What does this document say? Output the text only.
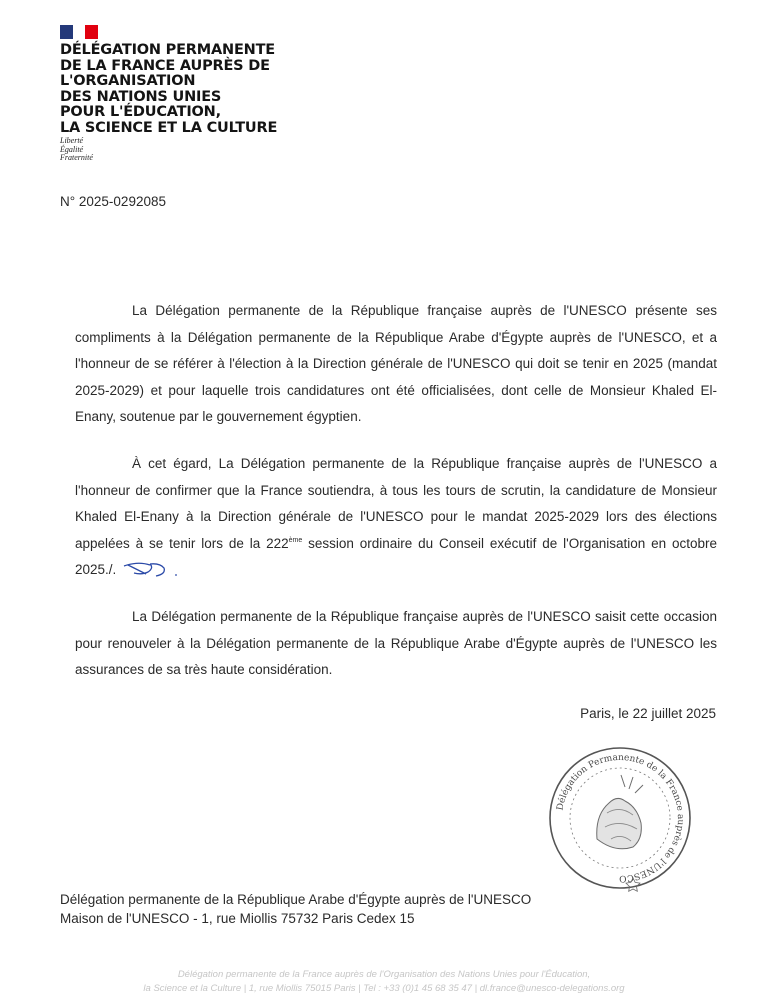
DÉLÉGATION PERMANENTE
DE LA FRANCE AUPRÈS DE
L'ORGANISATION
DES NATIONS UNIES
POUR L'ÉDUCATION,
LA SCIENCE ET LA CULTURE
Liberté
Égalité
Fraternité
N° 2025-0292085

La Délégation permanente de la République française auprès de l'UNESCO présente ses compliments à la Délégation permanente de la République Arabe d'Égypte auprès de l'UNESCO, et a l'honneur de se référer à l'élection à la Direction générale de l'UNESCO qui doit se tenir en 2025 (mandat 2025-2029) et pour laquelle trois candidatures ont été officialisées, dont celle de Monsieur Khaled El-Enany, soutenue par le gouvernement égyptien.

À cet égard, La Délégation permanente de la République française auprès de l'UNESCO a l'honneur de confirmer que la France soutiendra, à tous les tours de scrutin, la candidature de Monsieur Khaled El-Enany à la Direction générale de l'UNESCO pour le mandat 2025-2029 lors des élections appelées à se tenir lors de la 222ème session ordinaire du Conseil exécutif de l'Organisation en octobre 2025./.

La Délégation permanente de la République française auprès de l'UNESCO saisit cette occasion pour renouveler à la Délégation permanente de la République Arabe d'Égypte auprès de l'UNESCO les assurances de sa très haute considération.

Paris, le 22 juillet 2025
Délégation Permanente de la France auprès de l'UNESCO
Délégation permanente de la République Arabe d'Égypte auprès de l'UNESCO
Maison de l'UNESCO - 1, rue Miollis 75732 Paris Cedex 15
Délégation permanente de la France auprès de l'Organisation des Nations Unies pour l'Éducation,
la Science et la Culture | 1, rue Miollis 75015 Paris | Tel : +33 (0)1 45 68 35 47 | dl.france@unesco-delegations.org
